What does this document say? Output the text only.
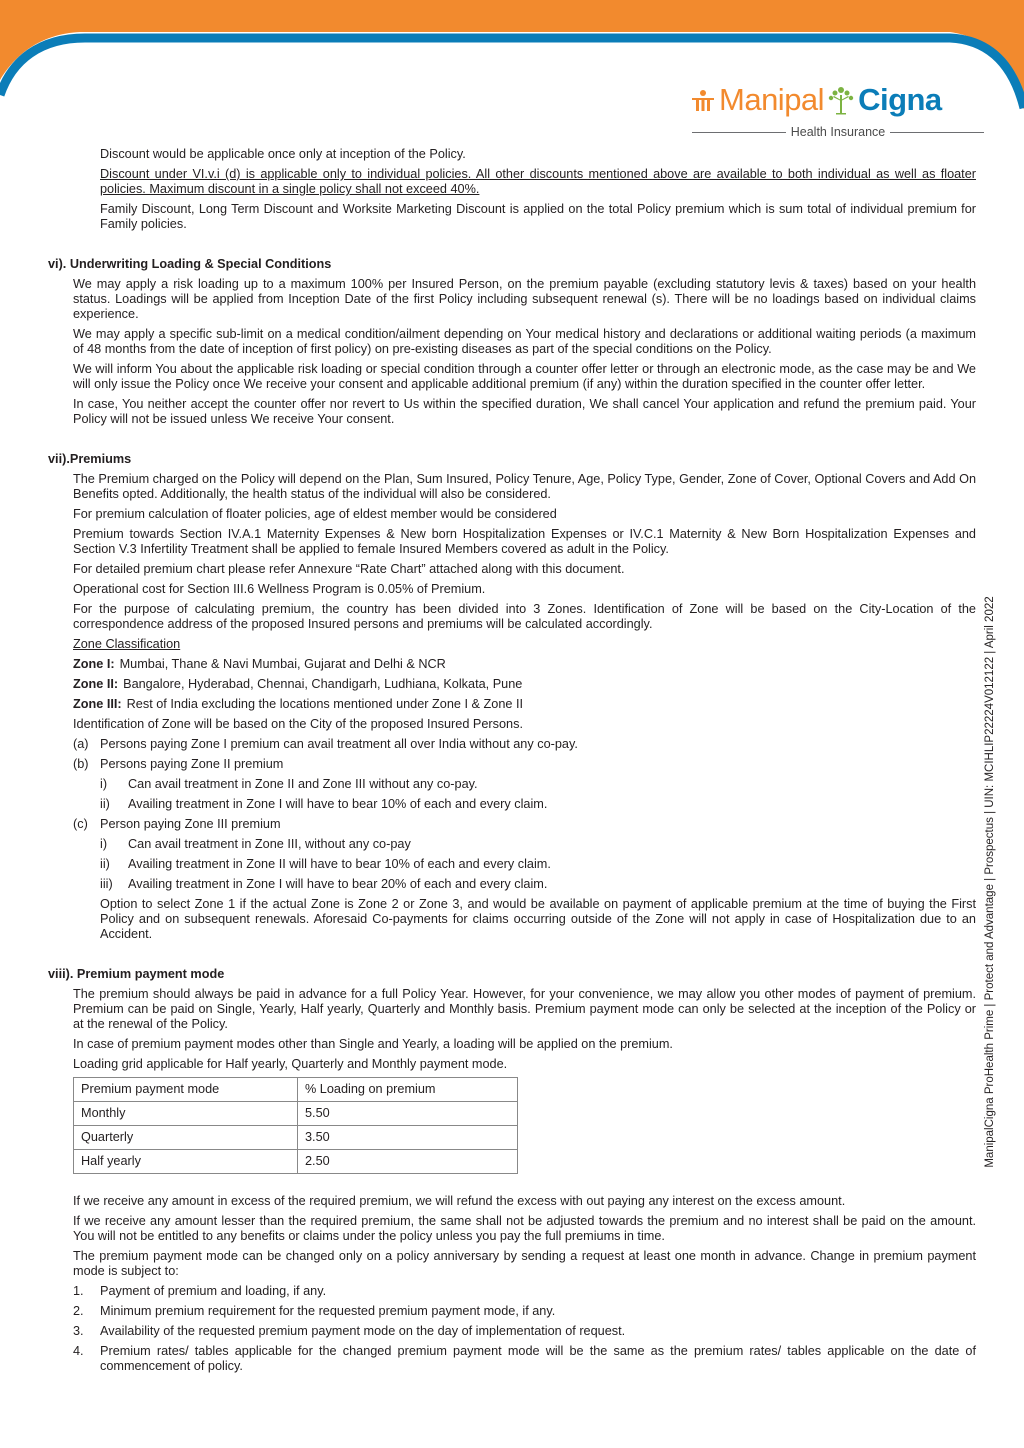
Manipal Cigna
Health Insurance
ManipalCigna ProHealth Prime | Protect and Advantage | Prospectus | UIN: MCIHLIP22224V012122 | April 2022

Discount would be applicable once only at inception of the Policy.

Discount under VI.v.i (d) is applicable only to individual policies. All other discounts mentioned above are available to both individual as well as floater policies. Maximum discount in a single policy shall not exceed 40%.

Family Discount, Long Term Discount and Worksite Marketing Discount is applied on the total Policy premium which is sum total of individual premium for Family policies.

vi). Underwriting Loading & Special Conditions

We may apply a risk loading up to a maximum 100% per Insured Person, on the premium payable (excluding statutory levis & taxes) based on your health status. Loadings will be applied from Inception Date of the first Policy including subsequent renewal (s). There will be no loadings based on individual claims experience.

We may apply a specific sub-limit on a medical condition/ailment depending on Your medical history and declarations or additional waiting periods (a maximum of 48 months from the date of inception of first policy) on pre-existing diseases as part of the special conditions on the Policy.

We will inform You about the applicable risk loading or special condition through a counter offer letter or through an electronic mode, as the case may be and We will only issue the Policy once We receive your consent and applicable additional premium (if any) within the duration specified in the counter offer letter.

In case, You neither accept the counter offer nor revert to Us within the specified duration, We shall cancel Your application and refund the premium paid. Your Policy will not be issued unless We receive Your consent.

vii).Premiums

The Premium charged on the Policy will depend on the Plan, Sum Insured, Policy Tenure, Age, Policy Type, Gender, Zone of Cover, Optional Covers and Add On Benefits opted. Additionally, the health status of the individual will also be considered.

For premium calculation of floater policies, age of eldest member would be considered

Premium towards Section IV.A.1 Maternity Expenses & New born Hospitalization Expenses or IV.C.1 Maternity & New Born Hospitalization Expenses and Section V.3 Infertility Treatment shall be applied to female Insured Members covered as adult in the Policy.

For detailed premium chart please refer Annexure “Rate Chart” attached along with this document.

Operational cost for Section III.6 Wellness Program is 0.05% of Premium.

For the purpose of calculating premium, the country has been divided into 3 Zones. Identification of Zone will be based on the City-Location of the correspondence address of the proposed Insured persons and premiums will be calculated accordingly.

Zone Classification

Zone I: Mumbai, Thane & Navi Mumbai, Gujarat and Delhi & NCR
Zone II: Bangalore, Hyderabad, Chennai, Chandigarh, Ludhiana, Kolkata, Pune
Zone III: Rest of India excluding the locations mentioned under Zone I & Zone II

Identification of Zone will be based on the City of the proposed Insured Persons.

(a) Persons paying Zone I premium can avail treatment all over India without any co-pay.
(b) Persons paying Zone II premium
i)	Can avail treatment in Zone II and Zone III without any co-pay.
ii)	Availing treatment in Zone I will have to bear 10% of each and every claim.
(c) Person paying Zone III premium
i)	Can avail treatment in Zone III, without any co-pay
ii)	Availing treatment in Zone II will have to bear 10% of each and every claim.
iii)	Availing treatment in Zone I will have to bear 20% of each and every claim.

Option to select Zone 1 if the actual Zone is Zone 2 or Zone 3, and would be available on payment of applicable premium at the time of buying the First Policy and on subsequent renewals. Aforesaid Co-payments for claims occurring outside of the Zone will not apply in case of Hospitalization due to an Accident.

viii). Premium payment mode

The premium should always be paid in advance for a full Policy Year. However, for your convenience, we may allow you other modes of payment of premium. Premium can be paid on Single, Yearly, Half yearly, Quarterly and Monthly basis. Premium payment mode can only be selected at the inception of the Policy or at the renewal of the Policy.

In case of premium payment modes other than Single and Yearly, a loading will be applied on the premium.

Loading grid applicable for Half yearly, Quarterly and Monthly payment mode.

Premium payment mode	% Loading on premium
Monthly	5.50
Quarterly	3.50
Half yearly	2.50

If we receive any amount in excess of the required premium, we will refund the excess with out paying any interest on the excess amount.

If we receive any amount lesser than the required premium, the same shall not be adjusted towards the premium and no interest shall be paid on the amount. You will not be entitled to any benefits or claims under the policy unless you pay the full premiums in time.

The premium payment mode can be changed only on a policy anniversary by sending a request at least one month in advance. Change in premium payment mode is subject to:

1.	Payment of premium and loading, if any.
2.	Minimum premium requirement for the requested premium payment mode, if any.
3.	Availability of the requested premium payment mode on the day of implementation of request.
4.	Premium rates/ tables applicable for the changed premium payment mode will be the same as the premium rates/ tables applicable on the date of commencement of policy.
